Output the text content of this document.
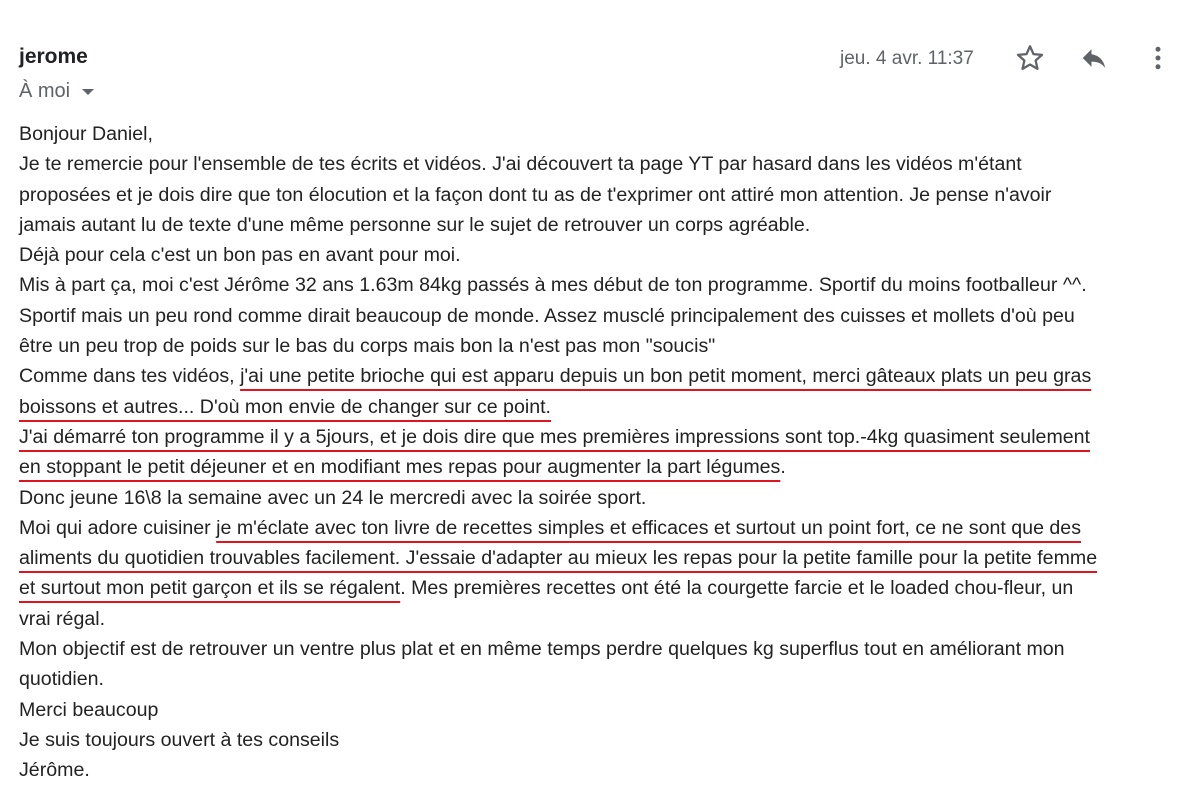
jerome
À moi
jeu. 4 avr. 11:37
Bonjour Daniel,
Je te remercie pour l'ensemble de tes écrits et vidéos. J'ai découvert ta page YT par hasard dans les vidéos m'étant
proposées et je dois dire que ton élocution et la façon dont tu as de t'exprimer ont attiré mon attention. Je pense n'avoir
jamais autant lu de texte d'une même personne sur le sujet de retrouver un corps agréable.
Déjà pour cela c'est un bon pas en avant pour moi.
Mis à part ça, moi c'est Jérôme 32 ans 1.63m 84kg passés à mes début de ton programme. Sportif du moins footballeur ^^.
Sportif mais un peu rond comme dirait beaucoup de monde. Assez musclé principalement des cuisses et mollets d'où peu
être un peu trop de poids sur le bas du corps mais bon la n'est pas mon "soucis"
Comme dans tes vidéos, j'ai une petite brioche qui est apparu depuis un bon petit moment, merci gâteaux plats un peu gras
boissons et autres... D'où mon envie de changer sur ce point.
J'ai démarré ton programme il y a 5jours, et je dois dire que mes premières impressions sont top.-4kg quasiment seulement
en stoppant le petit déjeuner et en modifiant mes repas pour augmenter la part légumes.
Donc jeune 16\8 la semaine avec un 24 le mercredi avec la soirée sport.
Moi qui adore cuisiner je m'éclate avec ton livre de recettes simples et efficaces et surtout un point fort, ce ne sont que des
aliments du quotidien trouvables facilement. J'essaie d'adapter au mieux les repas pour la petite famille pour la petite femme
et surtout mon petit garçon et ils se régalent. Mes premières recettes ont été la courgette farcie et le loaded chou-fleur, un
vrai régal.
Mon objectif est de retrouver un ventre plus plat et en même temps perdre quelques kg superflus tout en améliorant mon
quotidien.
Merci beaucoup
Je suis toujours ouvert à tes conseils
Jérôme.
